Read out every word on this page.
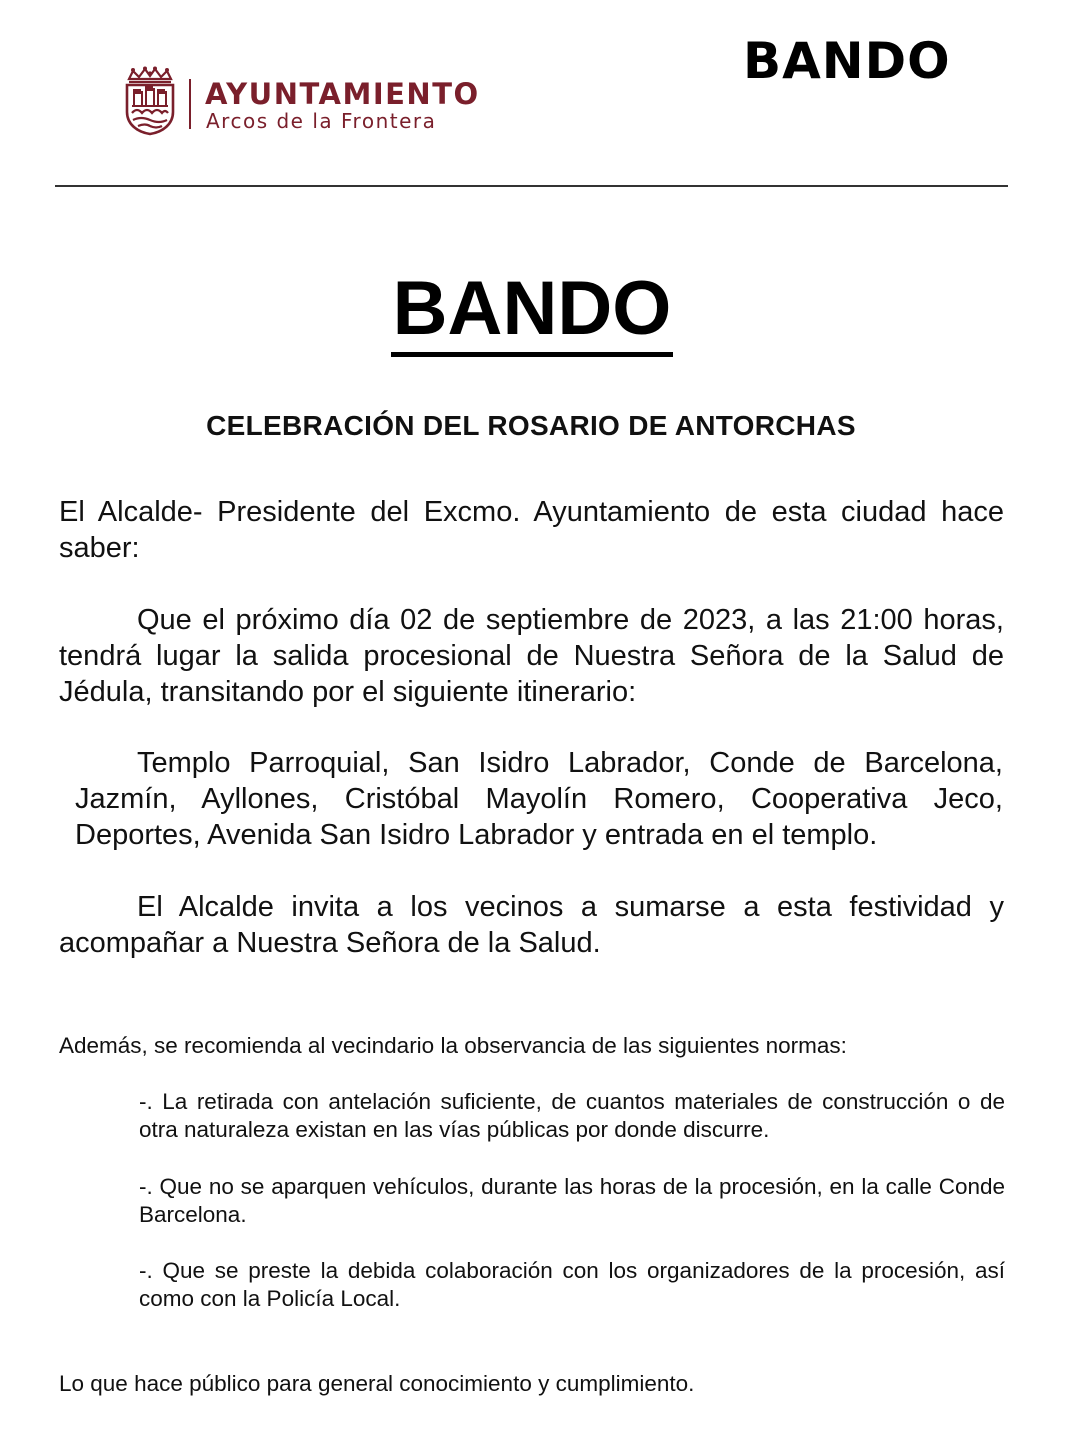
AYUNTAMIENTO
Arcos de la Frontera
BANDO
BANDO
CELEBRACIÓN DEL ROSARIO DE ANTORCHAS
El Alcalde- Presidente del Excmo. Ayuntamiento de esta ciudad hace saber:
Que el próximo día 02 de septiembre de 2023, a las 21:00 horas, tendrá lugar la salida procesional de Nuestra Señora de la Salud de Jédula, transitando por el siguiente itinerario:
Templo Parroquial, San Isidro Labrador, Conde de Barcelona, Jazmín, Ayllones, Cristóbal Mayolín Romero, Cooperativa Jeco, Deportes, Avenida San Isidro Labrador y entrada en el templo.
El Alcalde invita a los vecinos a sumarse a esta festividad y acompañar a Nuestra Señora de la Salud.
Además, se recomienda al vecindario la observancia de las siguientes normas:
-. La retirada con antelación suficiente, de cuantos materiales de construcción o de otra naturaleza existan en las vías públicas por donde discurre.
-. Que no se aparquen vehículos, durante las horas de la procesión, en la calle Conde Barcelona.
-. Que se preste la debida colaboración con los organizadores de la procesión, así como con la Policía Local.
Lo que hace público para general conocimiento y cumplimiento.
